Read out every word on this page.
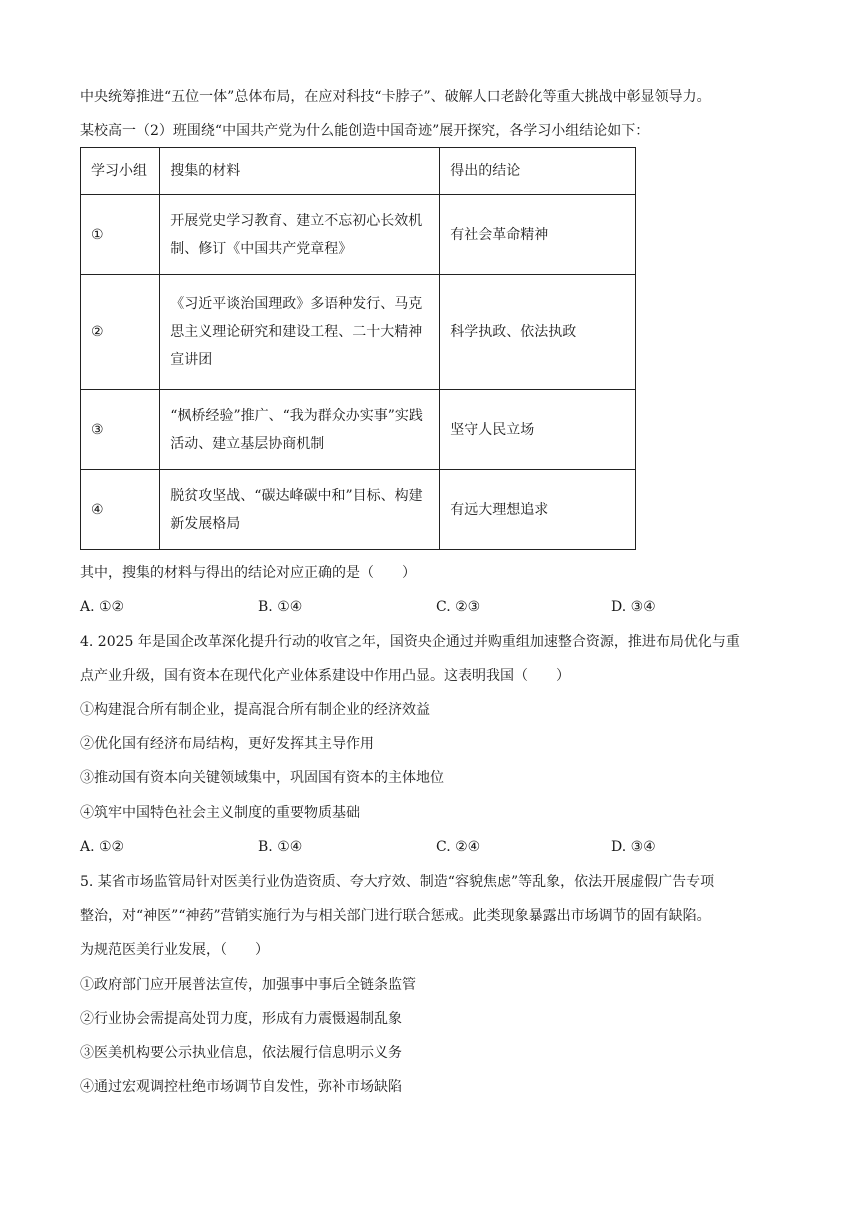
中央统筹推进“五位一体”总体布局，在应对科技“卡脖子”、破解人口老龄化等重大挑战中彰显领导力。
某校高一（2）班围绕“中国共产党为什么能创造中国奇迹”展开探究，各学习小组结论如下：
学习小组	搜集的材料	得出的结论
①	开展党史学习教育、建立不忘初心长效机制、修订《中国共产党章程》	有社会革命精神
②	《习近平谈治国理政》多语种发行、马克思主义理论研究和建设工程、二十大精神宣讲团	科学执政、依法执政
③	“枫桥经验”推广、“我为群众办实事”实践活动、建立基层协商机制	坚守人民立场
④	脱贫攻坚战、“碳达峰碳中和”目标、构建新发展格局	有远大理想追求
其中，搜集的材料与得出的结论对应正确的是（　　）
A. ①②	B. ①④	C. ②③	D. ③④
4. 2025 年是国企改革深化提升行动的收官之年，国资央企通过并购重组加速整合资源，推进布局优化与重
点产业升级，国有资本在现代化产业体系建设中作用凸显。这表明我国（　　）
①构建混合所有制企业，提高混合所有制企业的经济效益
②优化国有经济布局结构，更好发挥其主导作用
③推动国有资本向关键领域集中，巩固国有资本的主体地位
④筑牢中国特色社会主义制度的重要物质基础
A. ①②	B. ①④	C. ②④	D. ③④
5. 某省市场监管局针对医美行业伪造资质、夸大疗效、制造“容貌焦虑”等乱象，依法开展虚假广告专项
整治，对“神医”“神药”营销实施行为与相关部门进行联合惩戒。此类现象暴露出市场调节的固有缺陷。
为规范医美行业发展，（　　）
①政府部门应开展普法宣传，加强事中事后全链条监管
②行业协会需提高处罚力度，形成有力震慑遏制乱象
③医美机构要公示执业信息，依法履行信息明示义务
④通过宏观调控杜绝市场调节自发性，弥补市场缺陷
